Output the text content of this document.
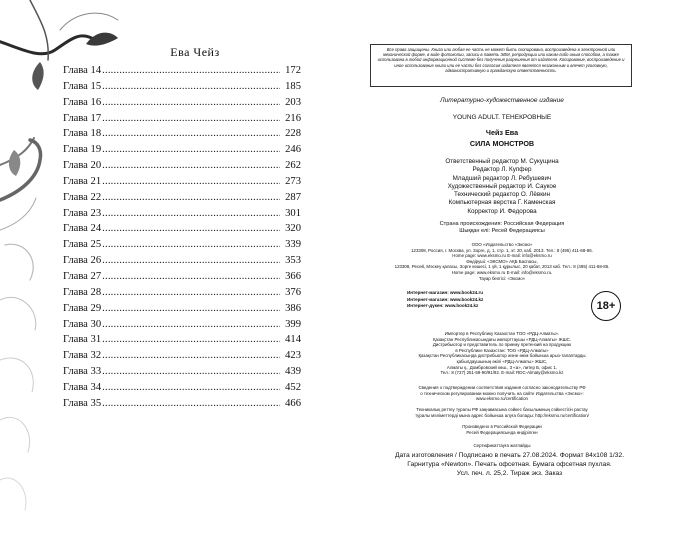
Ева Чейз
Глава 14 .....	172
Глава 15 .....	185
Глава 16 .....	203
Глава 17 .....	216
Глава 18 .....	228
Глава 19 .....	246
Глава 20 .....	262
Глава 21 .....	273
Глава 22 .....	287
Глава 23 .....	301
Глава 24 .....	320
Глава 25 .....	339
Глава 26 .....	353
Глава 27 .....	366
Глава 28 .....	376
Глава 29 .....	386
Глава 30 .....	399
Глава 31 .....	414
Глава 32 .....	423
Глава 33 .....	439
Глава 34 .....	452
Глава 35 .....	466
Все права защищены. Книга или любая ее часть не может быть скопирована, воспроизведена в электронной или механической форме, в виде фотокопии, записи в память ЭВМ, репродукции или каким-либо иным способом, а также использована в любой информационной системе без получения разрешения от издателя. Копирование, воспроизведение и иное использование книги или ее части без согласия издателя является незаконным и влечет уголовную, административную и гражданскую ответственность.
Литературно-художественное издание
YOUNG ADULT. ТЕНЕКРОВНЫЕ
Чейз Ева
СИЛА МОНСТРОВ
Ответственный редактор М. Сукущина
Редактор Л. Купфер
Младший редактор Л. Ребушевич
Художественный редактор И. Саукое
Технический редактор О. Лёвкин
Компьютерная верстка Г. Каменская
Корректор И. Федорова
Страна происхождения: Российская Федерация
Шыққан елі: Ресей Федерациясы
ООО «Издательство «Эксмо»
123308, Россия, г. Москва, ул. Зорге, д. 1, стр. 1, эт. 20, каб. 2013. Тел.: 8 (495) 411-68-86.
Home page: www.eksmo.ru E-mail: info@eksmo.ru
Өндіруші: «ЭКСМО» АҚБ Баспасы,
123308, Ресей, Мәскеу қаласы, Зорге көшесі, 1 үй, 1 құрылыс, 20 қабат, 2013 каб. Тел.: 8 (495) 411-68-86.
Home page: www.eksmo.ru E-mail: info@eksmo.ru.
Тауар белгісі: «Эксмо»
Интернет-магазин: www.book24.ru
Интернет-магазин: www.book24.kz
Интернет-дүкен: www.book24.kz	18+
Импортер в Республику Казахстан ТОО «РДЦ-Алматы».
Қазақстан Республикасындағы импорттаушы «РДЦ-Алматы» ЖШС.
Дистрибьютор и представитель по приему претензий на продукцию
в Республике Казахстан: ТОО «РДЦ-Алматы»
Қазақстан Республикасында дистрибьютор және өнім бойынша арыз-талаптарды
қабылдаушының өкілі «РДЦ-Алматы» ЖШС,
Алматы қ., Домбровский көш., 3 «а», литер Б, офис 1.
Тел.: 8 (727) 251-59-90/91/92. E-mail: RDC-Almaty@eksmo.kz
Сведения о подтверждении соответствия издания согласно законодательству РФ
о техническом регулировании можно получить на сайте Издательства «Эксмо»:
www.eksmo.ru/certification
Техникалық реттеу туралы РФ заңнамасына сәйкес басылымның сәйкестігін растау
туралы мәліметтерді мына адрес бойынша алуға болады: http://eksmo.ru/certification/
Произведено в Российской Федерации
Ресей Федерациясында өндірілген
Сертификаттауға жатпайды
Дата изготовления / Подписано в печать 27.08.2024. Формат 84х108 1/32.
Гарнитура «Newton». Печать офсетная. Бумага офсетная пухлая.
Усл. печ. л. 25,2. Тираж экз. Заказ
